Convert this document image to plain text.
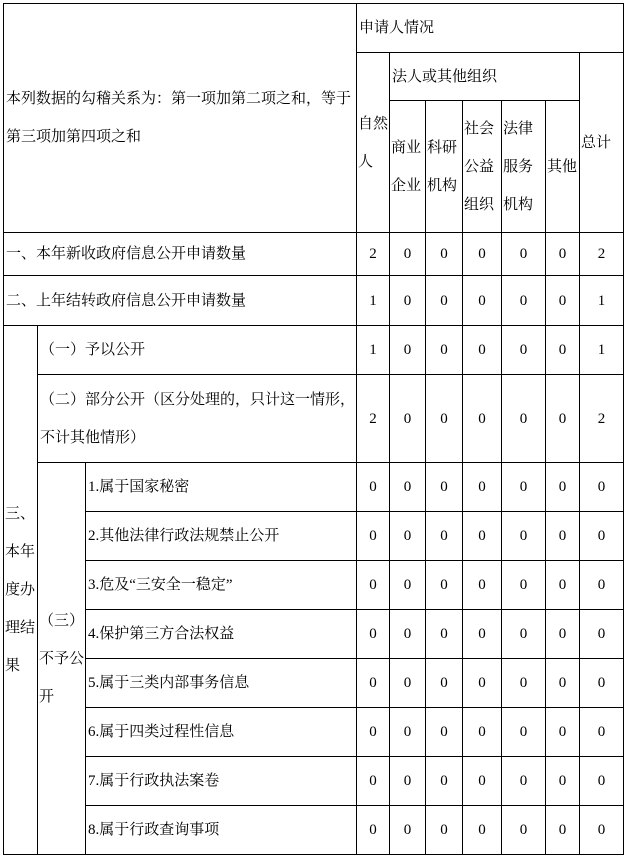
本列数据的勾稽关系为：第一项加第二项之和，等于第三项加第四项之和			申请人情况						
			自然人	法人或其他组织					总计
				商业企业	科研机构	社会公益组织	法律服务机构	其他	
一、本年新收政府信息公开申请数量			2	0	0	0	0	0	2
二、上年结转政府信息公开申请数量			1	0	0	0	0	0	1
三、本年度办理结果	（一）予以公开		1	0	0	0	0	0	1
	（二）部分公开（区分处理的，只计这一情形，不计其他情形）		2	0	0	0	0	0	2
	（三）不予公开	1.属于国家秘密	0	0	0	0	0	0	0
		2.其他法律行政法规禁止公开	0	0	0	0	0	0	0
		3.危及“三安全一稳定”	0	0	0	0	0	0	0
		4.保护第三方合法权益	0	0	0	0	0	0	0
		5.属于三类内部事务信息	0	0	0	0	0	0	0
		6.属于四类过程性信息	0	0	0	0	0	0	0
		7.属于行政执法案卷	0	0	0	0	0	0	0
		8.属于行政查询事项	0	0	0	0	0	0	0
